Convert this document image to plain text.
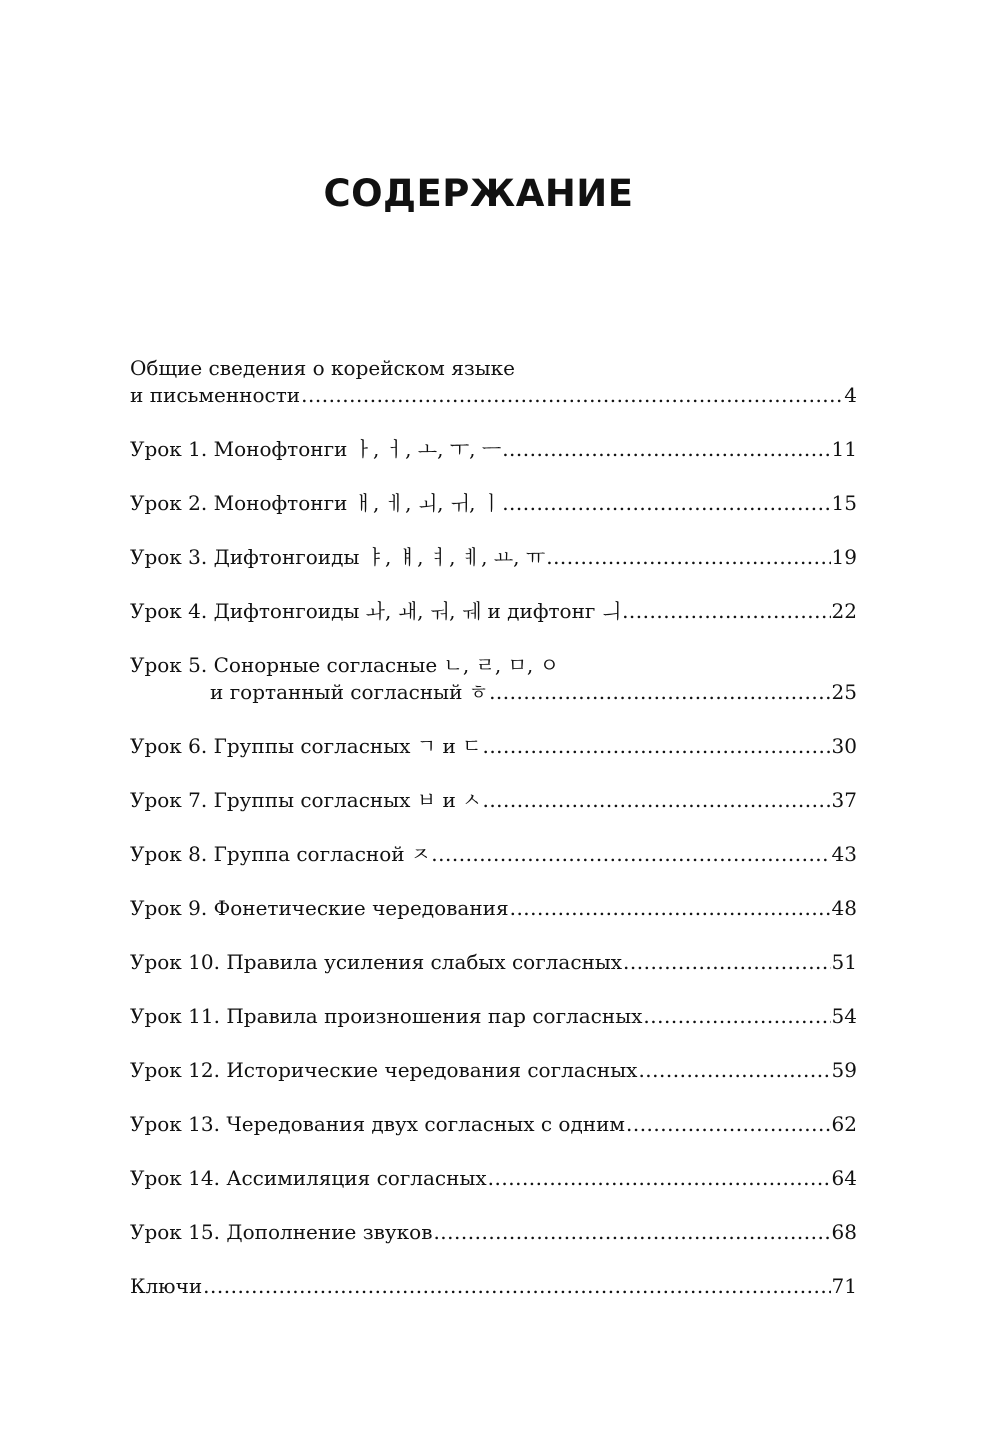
СОДЕРЖАНИЕ
Общие сведения о корейском языке
и письменности .....	4
Урок 1. Монофтонги ㅏ, ㅓ, ㅗ, ㅜ, ㅡ .....	11
Урок 2. Монофтонги ㅐ, ㅔ, ㅚ, ㅟ, ㅣ .....	15
Урок 3. Дифтонгоиды ㅑ, ㅒ, ㅕ, ㅖ, ㅛ, ㅠ .....	19
Урок 4. Дифтонгоиды ㅘ, ㅙ, ㅝ, ㅞ и дифтонг ㅢ .....	22
Урок 5. Сонорные согласные ㄴ, ㄹ, ㅁ, ㅇ
и гортанный согласный ㅎ .....	25
Урок 6. Группы согласных ㄱ и ㄷ .....	30
Урок 7. Группы согласных ㅂ и ㅅ .....	37
Урок 8. Группа согласной ㅈ .....	43
Урок 9. Фонетические чередования .....	48
Урок 10. Правила усиления слабых согласных .....	51
Урок 11. Правила произношения пар согласных .....	54
Урок 12. Исторические чередования согласных .....	59
Урок 13. Чередования двух согласных с одним .....	62
Урок 14. Ассимиляция согласных .....	64
Урок 15. Дополнение звуков .....	68
Ключи .....	71
